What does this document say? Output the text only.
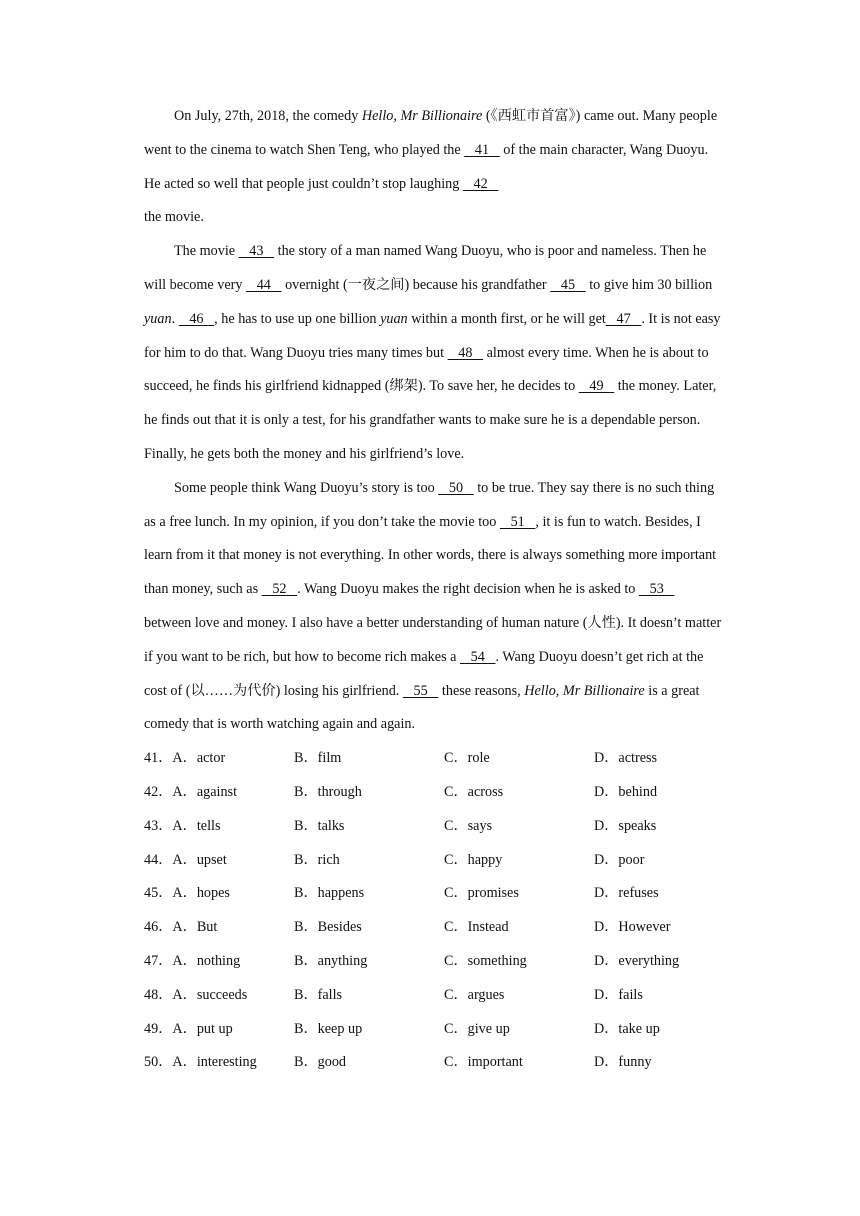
On July, 27th, 2018, the comedy Hello, Mr Billionaire (《西虹市首富》) came out. Many people went to the cinema to watch Shen Teng, who played the    41    of the main character, Wang Duoyu. He acted so well that people just couldn’t stop laughing    42
the movie.

The movie    43    the story of a man named Wang Duoyu, who is poor and nameless. Then he will become very    44    overnight (一夜之间) because his grandfather    45    to give him 30 billion yuan.    46   , he has to use up one billion yuan within a month first, or he will get   47   . It is not easy for him to do that. Wang Duoyu tries many times but    48    almost every time. When he is about to succeed, he finds his girlfriend kidnapped (绑架). To save her, he decides to    49    the money. Later, he finds out that it is only a test, for his grandfather wants to make sure he is a dependable person. Finally, he gets both the money and his girlfriend’s love.

Some people think Wang Duoyu’s story is too    50    to be true. They say there is no such thing as a free lunch. In my opinion, if you don’t take the movie too    51   , it is fun to watch. Besides, I learn from it that money is not everything. In other words, there is always something more important than money, such as    52   . Wang Duoyu makes the right decision when he is asked to    53    between love and money. I also have a better understanding of human nature (人性). It doesn’t matter if you want to be rich, but how to become rich makes a    54   . Wang Duoyu doesn’t get rich at the cost of (以……为代价) losing his girlfriend.    55    these reasons, Hello, Mr Billionaire is a great comedy that is worth watching again and again.

41．A．actor	B．film	C．role	D．actress
42．A．against	B．through	C．across	D．behind
43．A．tells	B．talks	C．says	D．speaks
44．A．upset	B．rich	C．happy	D．poor
45．A．hopes	B．happens	C．promises	D．refuses
46．A．But	B．Besides	C．Instead	D．However
47．A．nothing	B．anything	C．something	D．everything
48．A．succeeds	B．falls	C．argues	D．fails
49．A．put up	B．keep up	C．give up	D．take up
50．A．interesting	B．good	C．important	D．funny
